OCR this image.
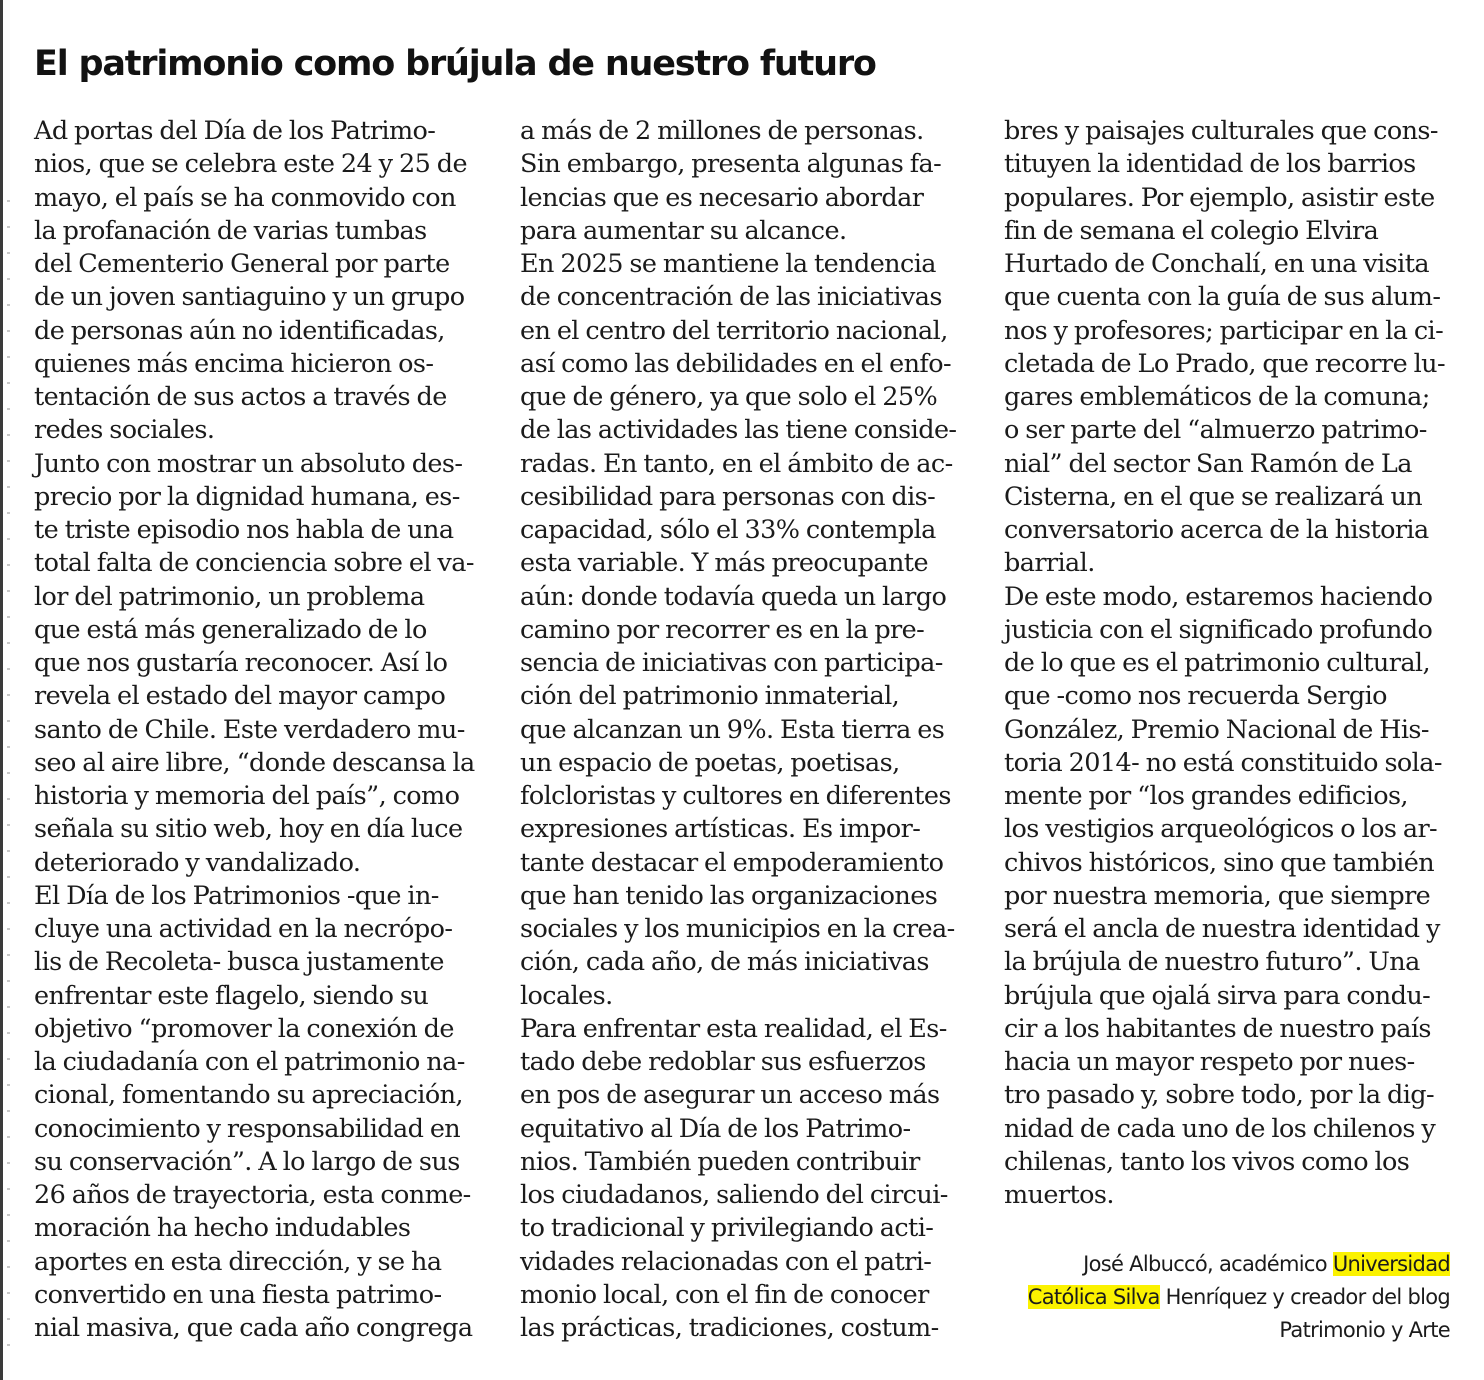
El patrimonio como brújula de nuestro futuro
Ad portas del Día de los Patrimo-
nios, que se celebra este 24 y 25 de
mayo, el país se ha conmovido con
la profanación de varias tumbas
del Cementerio General por parte
de un joven santiaguino y un grupo
de personas aún no identificadas,
quienes más encima hicieron os-
tentación de sus actos a través de
redes sociales.
Junto con mostrar un absoluto des-
precio por la dignidad humana, es-
te triste episodio nos habla de una
total falta de conciencia sobre el va-
lor del patrimonio, un problema
que está más generalizado de lo
que nos gustaría reconocer. Así lo
revela el estado del mayor campo
santo de Chile. Este verdadero mu-
seo al aire libre, “donde descansa la
historia y memoria del país”, como
señala su sitio web, hoy en día luce
deteriorado y vandalizado.
El Día de los Patrimonios -que in-
cluye una actividad en la necrópo-
lis de Recoleta- busca justamente
enfrentar este flagelo, siendo su
objetivo “promover la conexión de
la ciudadanía con el patrimonio na-
cional, fomentando su apreciación,
conocimiento y responsabilidad en
su conservación”. A lo largo de sus
26 años de trayectoria, esta conme-
moración ha hecho indudables
aportes en esta dirección, y se ha
convertido en una fiesta patrimo-
nial masiva, que cada año congrega
a más de 2 millones de personas.
Sin embargo, presenta algunas fa-
lencias que es necesario abordar
para aumentar su alcance.
En 2025 se mantiene la tendencia
de concentración de las iniciativas
en el centro del territorio nacional,
así como las debilidades en el enfo-
que de género, ya que solo el 25%
de las actividades las tiene conside-
radas. En tanto, en el ámbito de ac-
cesibilidad para personas con dis-
capacidad, sólo el 33% contempla
esta variable. Y más preocupante
aún: donde todavía queda un largo
camino por recorrer es en la pre-
sencia de iniciativas con participa-
ción del patrimonio inmaterial,
que alcanzan un 9%. Esta tierra es
un espacio de poetas, poetisas,
folcloristas y cultores en diferentes
expresiones artísticas. Es impor-
tante destacar el empoderamiento
que han tenido las organizaciones
sociales y los municipios en la crea-
ción, cada año, de más iniciativas
locales.
Para enfrentar esta realidad, el Es-
tado debe redoblar sus esfuerzos
en pos de asegurar un acceso más
equitativo al Día de los Patrimo-
nios. También pueden contribuir
los ciudadanos, saliendo del circui-
to tradicional y privilegiando acti-
vidades relacionadas con el patri-
monio local, con el fin de conocer
las prácticas, tradiciones, costum-
bres y paisajes culturales que cons-
tituyen la identidad de los barrios
populares. Por ejemplo, asistir este
fin de semana el colegio Elvira
Hurtado de Conchalí, en una visita
que cuenta con la guía de sus alum-
nos y profesores; participar en la ci-
cletada de Lo Prado, que recorre lu-
gares emblemáticos de la comuna;
o ser parte del “almuerzo patrimo-
nial” del sector San Ramón de La
Cisterna, en el que se realizará un
conversatorio acerca de la historia
barrial.
De este modo, estaremos haciendo
justicia con el significado profundo
de lo que es el patrimonio cultural,
que -como nos recuerda Sergio
González, Premio Nacional de His-
toria 2014- no está constituido sola-
mente por “los grandes edificios,
los vestigios arqueológicos o los ar-
chivos históricos, sino que también
por nuestra memoria, que siempre
será el ancla de nuestra identidad y
la brújula de nuestro futuro”. Una
brújula que ojalá sirva para condu-
cir a los habitantes de nuestro país
hacia un mayor respeto por nues-
tro pasado y, sobre todo, por la dig-
nidad de cada uno de los chilenos y
chilenas, tanto los vivos como los
muertos.
José Albuccó, académico Universidad
Católica Silva Henríquez y creador del blog
Patrimonio y Arte
